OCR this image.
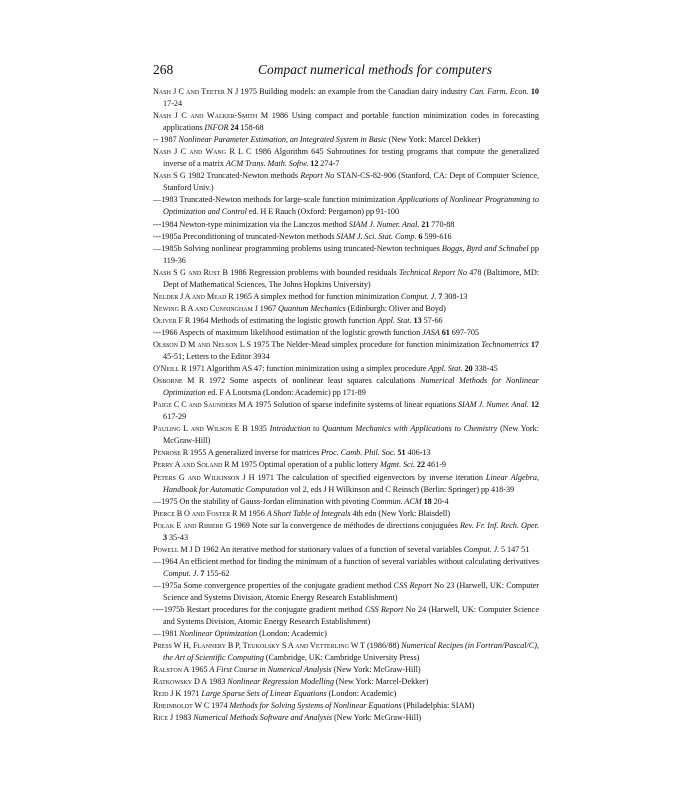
268	Compact numerical methods for computers
Nash J C and Teeter N J 1975 Building models: an example from the Canadian dairy industry Can. Farm. Econ. 10 17-24
Nash J C and Walker-Smith M 1986 Using compact and portable function minimization codes in forecasting applications INFOR 24 158-68
-- 1987 Nonlinear Parameter Estimation, an Integrated System in Basic (New York: Marcel Dekker)
Nash J C and Wang R L C 1986 Algorithm 645 Subroutines for testing programs that compute the generalized inverse of a matrix ACM Trans. Math. Softw. 12 274-7
Nash S G 1982 Truncated-Newton methods Report No STAN-CS-82-906 (Stanford, CA: Dept of Computer Science, Stanford Univ.)
—1983 Truncated-Newton methods for large-scale function minimization Applications of Nonlinear Programming to Optimization and Control ed. H E Rauch (Oxford: Pergamon) pp 91-100
---1984 Newton-type minimization via the Lanczos method SIAM J. Numer. Anal. 21 770-88
---1985a Preconditioning of truncated-Newton methods SIAM J. Sci. Stat. Comp. 6 599-616
—1985b Solving nonlinear programming problems using truncated-Newton techniques Boggs, Byrd and Schnabel pp 119-36
Nash S G and Rust B 1986 Regression problems with bounded residuals Technical Report No 478 (Baltimore, MD: Dept of Mathematical Sciences, The Johns Hopkins University)
Nelder J A and Mead R 1965 A simplex method for function minimization Comput. J. 7 308-13
Newing R A and Cunningham J 1967 Quantum Mechanics (Edinburgh: Oliver and Boyd)
Oliver F R 1964 Methods of estimating the logistic growth function Appl. Stat. 13 57-66
---1966 Aspects of maximum likelihood estimation of the logistic growth function JASA 61 697-705
Olsson D M and Nelson L S 1975 The Nelder-Mead simplex procedure for function minimization Technometrics 17 45-51; Letters to the Editor 3934
O'Neill R 1971 Algorithm AS 47: function minimization using a simplex procedure Appl. Stat. 20 338-45
Osborne M R 1972 Some aspects of nonlinear least squares calculations Numerical Methods for Nonlinear Optimization ed. F A Lootsma (London: Academic) pp 171-89
Paige C C and Saunders M A 1975 Solution of sparse indefinite systems of linear equations SIAM J. Numer. Anal. 12 617-29
Pauling L and Wilson E B 1935 Introduction to Quantum Mechanics with Applications to Chemistry (New York: McGraw-Hill)
Penrose R 1955 A generalized inverse for matrices Proc. Camb. Phil. Soc. 51 406-13
Perry A and Soland R M 1975 Optimal operation of a public lottery Mgmt. Sci. 22 461-9
Peters G and Wilkinson J H 1971 The calculation of specified eigenvectors by inverse iteration Linear Algebra, Handbook for Automatic Computation vol 2, eds J H Wilkinson and C Reinsch (Berlin: Springer) pp 418-39
—1975 On the stability of Gauss-Jordan elimination with pivoting Commun. ACM 18 20-4
Pierce B O and Foster R M 1956 A Short Table of Integrals 4th edn (New York: Blaisdell)
Polak E and Ribiere G 1969 Note sur la convergence de méthodes de directions conjuguées Rev. Fr. Inf. Rech. Oper. 3 35-43
Powell M J D 1962 An iterative method for stationary values of a function of several variables Comput. J. 5 147 51
—1964 An efficient method for finding the minimum of a function of several variables without calculating derivatives Comput. J. 7 155-62
—1975a Some convergence properties of the conjugate gradient method CSS Report No 23 (Harwell, UK: Computer Science and Systems Division, Atomic Energy Research Establishment)
----1975b Restart procedures for the conjugate gradient method CSS Report No 24 (Harwell, UK: Computer Science and Systems Division, Atomic Energy Research Establishment)
—1981 Nonlinear Optimization (London: Academic)
Press W H, Flannery B P, Teukolsky S A and Vetterling W T (1986/88) Numerical Recipes (in Fortran/Pascal/C), the Art of Scientific Computing (Cambridge, UK: Cambridge University Press)
Ralston A 1965 A First Course in Numerical Analysis (New York: McGraw-Hill)
Ratkowsky D A 1983 Nonlinear Regression Modelling (New York: Marcel-Dekker)
Reid J K 1971 Large Sparse Sets of Linear Equations (London: Academic)
Rheinboldt W C 1974 Methods for Solving Systems of Nonlinear Equations (Philadelphia: SIAM)
Rice J 1983 Numerical Methods Software and Analysis (New York: McGraw-Hill)
